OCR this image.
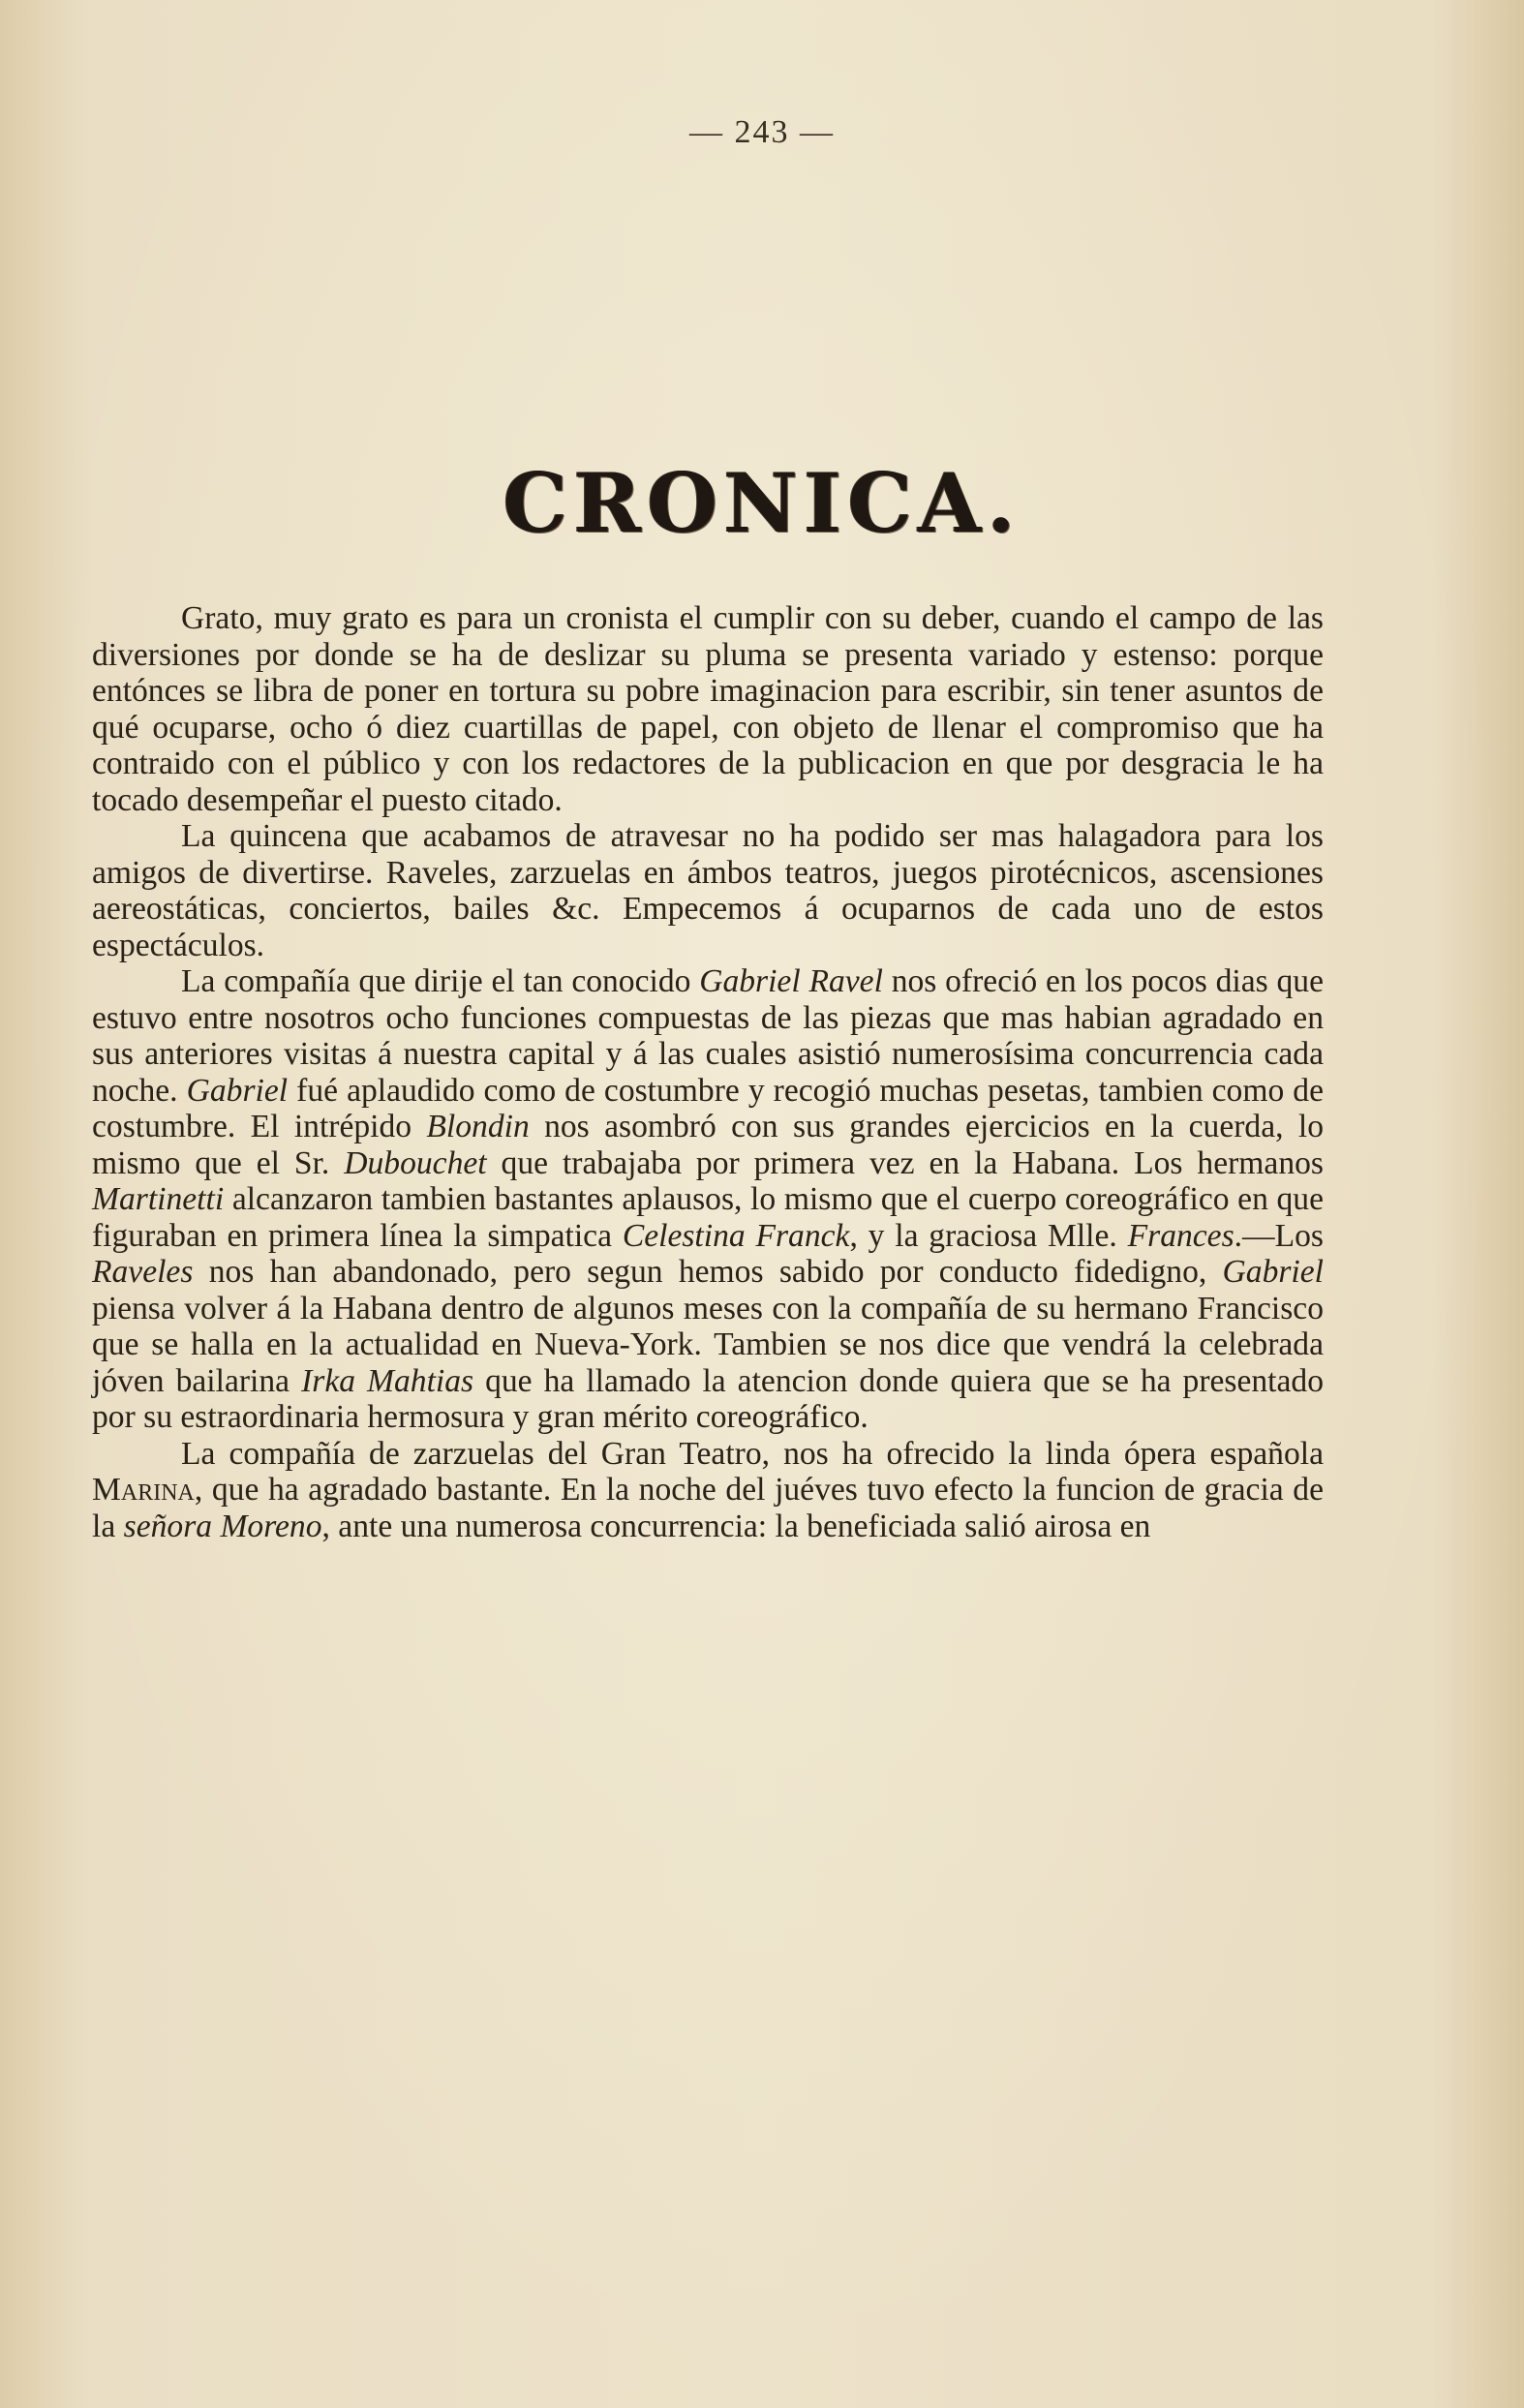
— 243 —
CRONICA.

Grato, muy grato es para un cronista el cumplir con su deber, cuando el campo de las diversiones por donde se ha de deslizar su pluma se presenta variado y estenso: porque entónces se libra de poner en tortura su pobre imaginacion para escribir, sin tener asuntos de qué ocuparse, ocho ó diez cuartillas de papel, con objeto de llenar el compromiso que ha contraido con el público y con los redactores de la publicacion en que por desgracia le ha tocado desempeñar el puesto citado.

La quincena que acabamos de atravesar no ha podido ser mas halagadora para los amigos de divertirse. Raveles, zarzuelas en ámbos teatros, juegos pirotécnicos, ascensiones aereostáticas, conciertos, bailes &c. Empecemos á ocuparnos de cada uno de estos espectáculos.

La compañía que dirije el tan conocido Gabriel Ravel nos ofreció en los pocos dias que estuvo entre nosotros ocho funciones compuestas de las piezas que mas habian agradado en sus anteriores visitas á nuestra capital y á las cuales asistió numerosísima concurrencia cada noche. Gabriel fué aplaudido como de costumbre y recogió muchas pesetas, tambien como de costumbre. El intrépido Blondin nos asombró con sus grandes ejercicios en la cuerda, lo mismo que el Sr. Dubouchet que trabajaba por primera vez en la Habana. Los hermanos Martinetti alcanzaron tambien bastantes aplausos, lo mismo que el cuerpo coreográfico en que figuraban en primera línea la simpatica Celestina Franck, y la graciosa Mlle. Frances.—Los Raveles nos han abandonado, pero segun hemos sabido por conducto fidedigno, Gabriel piensa volver á la Habana dentro de algunos meses con la compañía de su hermano Francisco que se halla en la actualidad en Nueva-York. Tambien se nos dice que vendrá la celebrada jóven bailarina Irka Mahtias que ha llamado la atencion donde quiera que se ha presentado por su estraordinaria hermosura y gran mérito coreográfico.

La compañía de zarzuelas del Gran Teatro, nos ha ofrecido la linda ópera española Marina, que ha agradado bastante. En la noche del juéves tuvo efecto la funcion de gracia de la señora Moreno, ante una numerosa concurrencia: la beneficiada salió airosa en
